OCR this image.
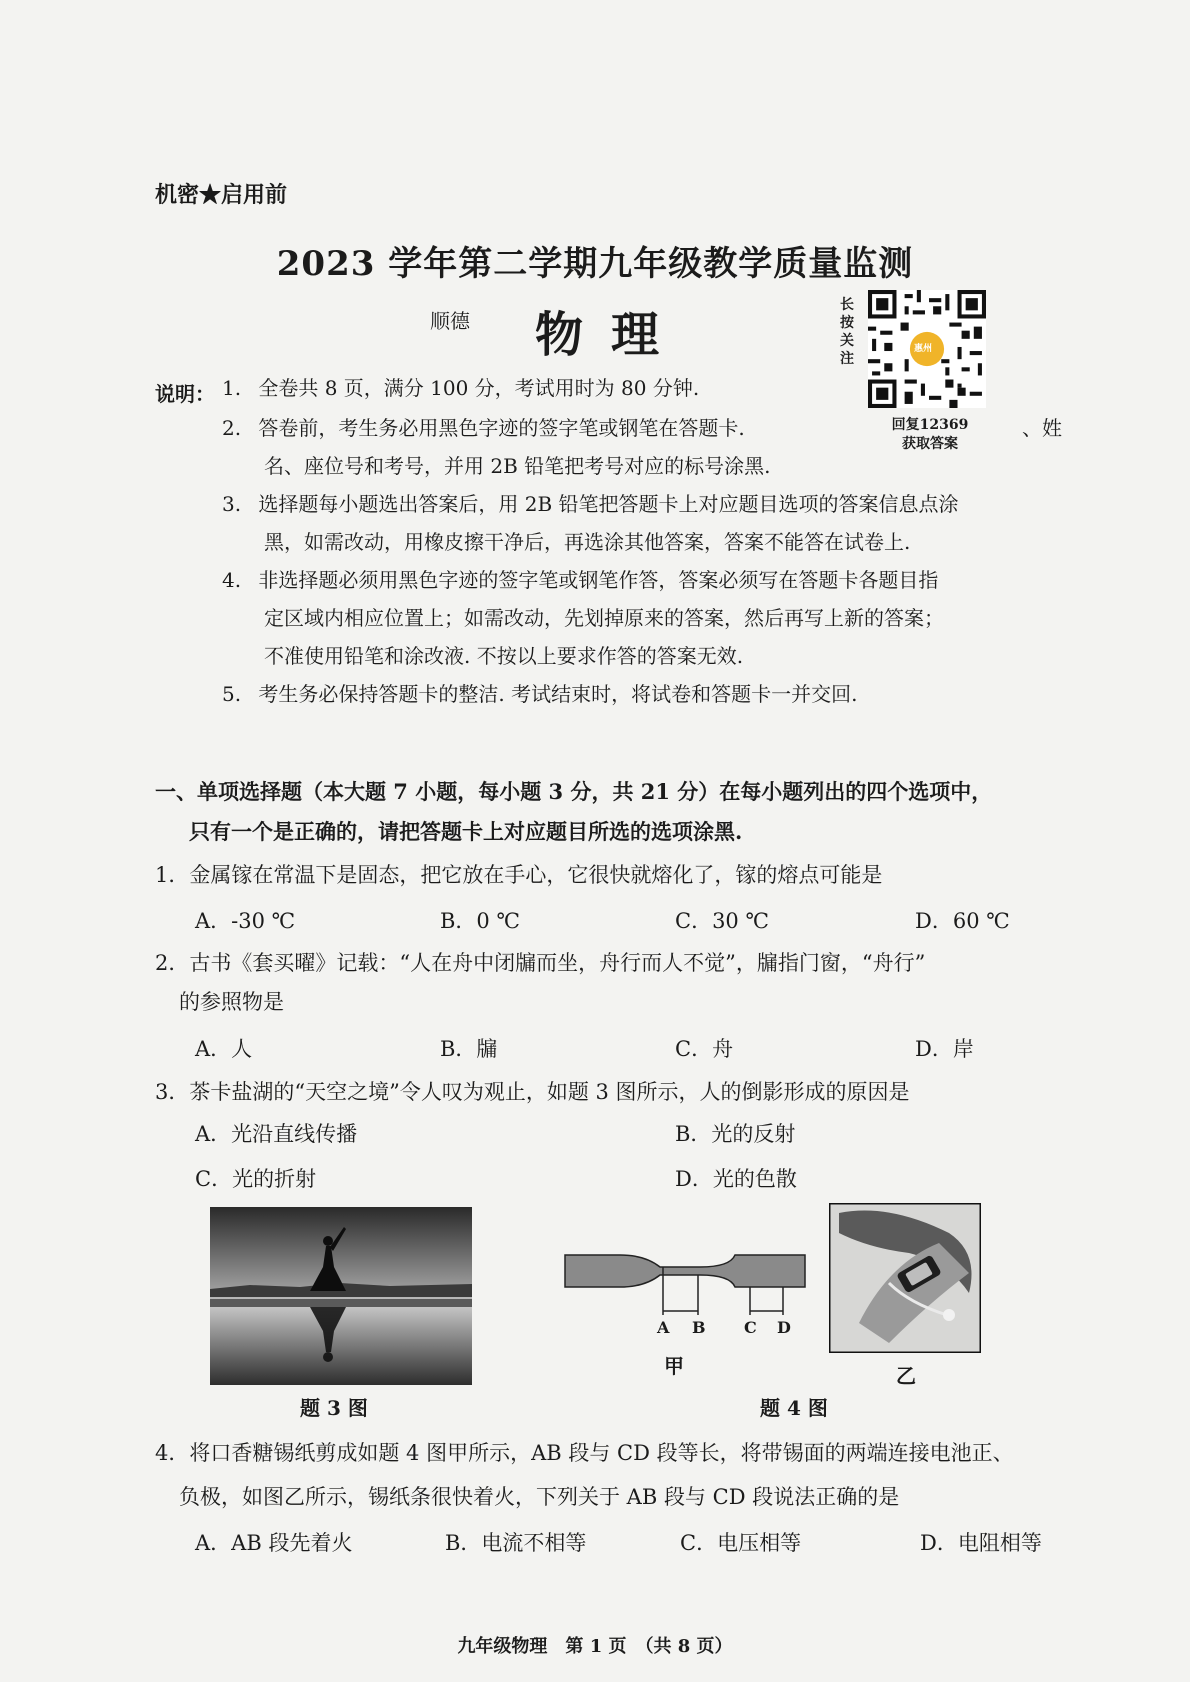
机密★启用前
2023 学年第二学期九年级教学质量监测
顺德 物理
长按关注
惠州
回复12369
获取答案
说明： 1. 全卷共 8 页，满分 100 分，考试用时为 80 分钟.
2. 答卷前，考生务必用黑色字迹的签字笔或钢笔在答题卡.
名、座位号和考号，并用 2B 铅笔把考号对应的标号涂黑.
、姓
3. 选择题每小题选出答案后，用 2B 铅笔把答题卡上对应题目选项的答案信息点涂
黑，如需改动，用橡皮擦干净后，再选涂其他答案，答案不能答在试卷上.
4. 非选择题必须用黑色字迹的签字笔或钢笔作答，答案必须写在答题卡各题目指
定区域内相应位置上；如需改动，先划掉原来的答案，然后再写上新的答案；
不准使用铅笔和涂改液. 不按以上要求作答的答案无效.
5. 考生务必保持答题卡的整洁. 考试结束时，将试卷和答题卡一并交回.
一、单项选择题（本大题 7 小题，每小题 3 分，共 21 分）在每小题列出的四个选项中，
只有一个是正确的，请把答题卡上对应题目所选的选项涂黑.
1．金属镓在常温下是固态，把它放在手心，它很快就熔化了，镓的熔点可能是
A．-30 ℃	B．0 ℃	C．30 ℃	D．60 ℃
2．古书《套买曜》记载：“人在舟中闭牖而坐，舟行而人不觉”，牖指门窗，“舟行”
的参照物是
A．人	B．牖	C．舟	D．岸
3．茶卡盐湖的“天空之境”令人叹为观止，如题 3 图所示，人的倒影形成的原因是
A．光沿直线传播	B．光的反射
C．光的折射	D．光的色散
题 3 图
A B C D
甲	乙
题 4 图
4．将口香糖锡纸剪成如题 4 图甲所示，AB 段与 CD 段等长，将带锡面的两端连接电池正、
负极，如图乙所示，锡纸条很快着火，下列关于 AB 段与 CD 段说法正确的是
A．AB 段先着火	B．电流不相等	C．电压相等	D．电阻相等
九年级物理　第 1 页　（共 8 页）
